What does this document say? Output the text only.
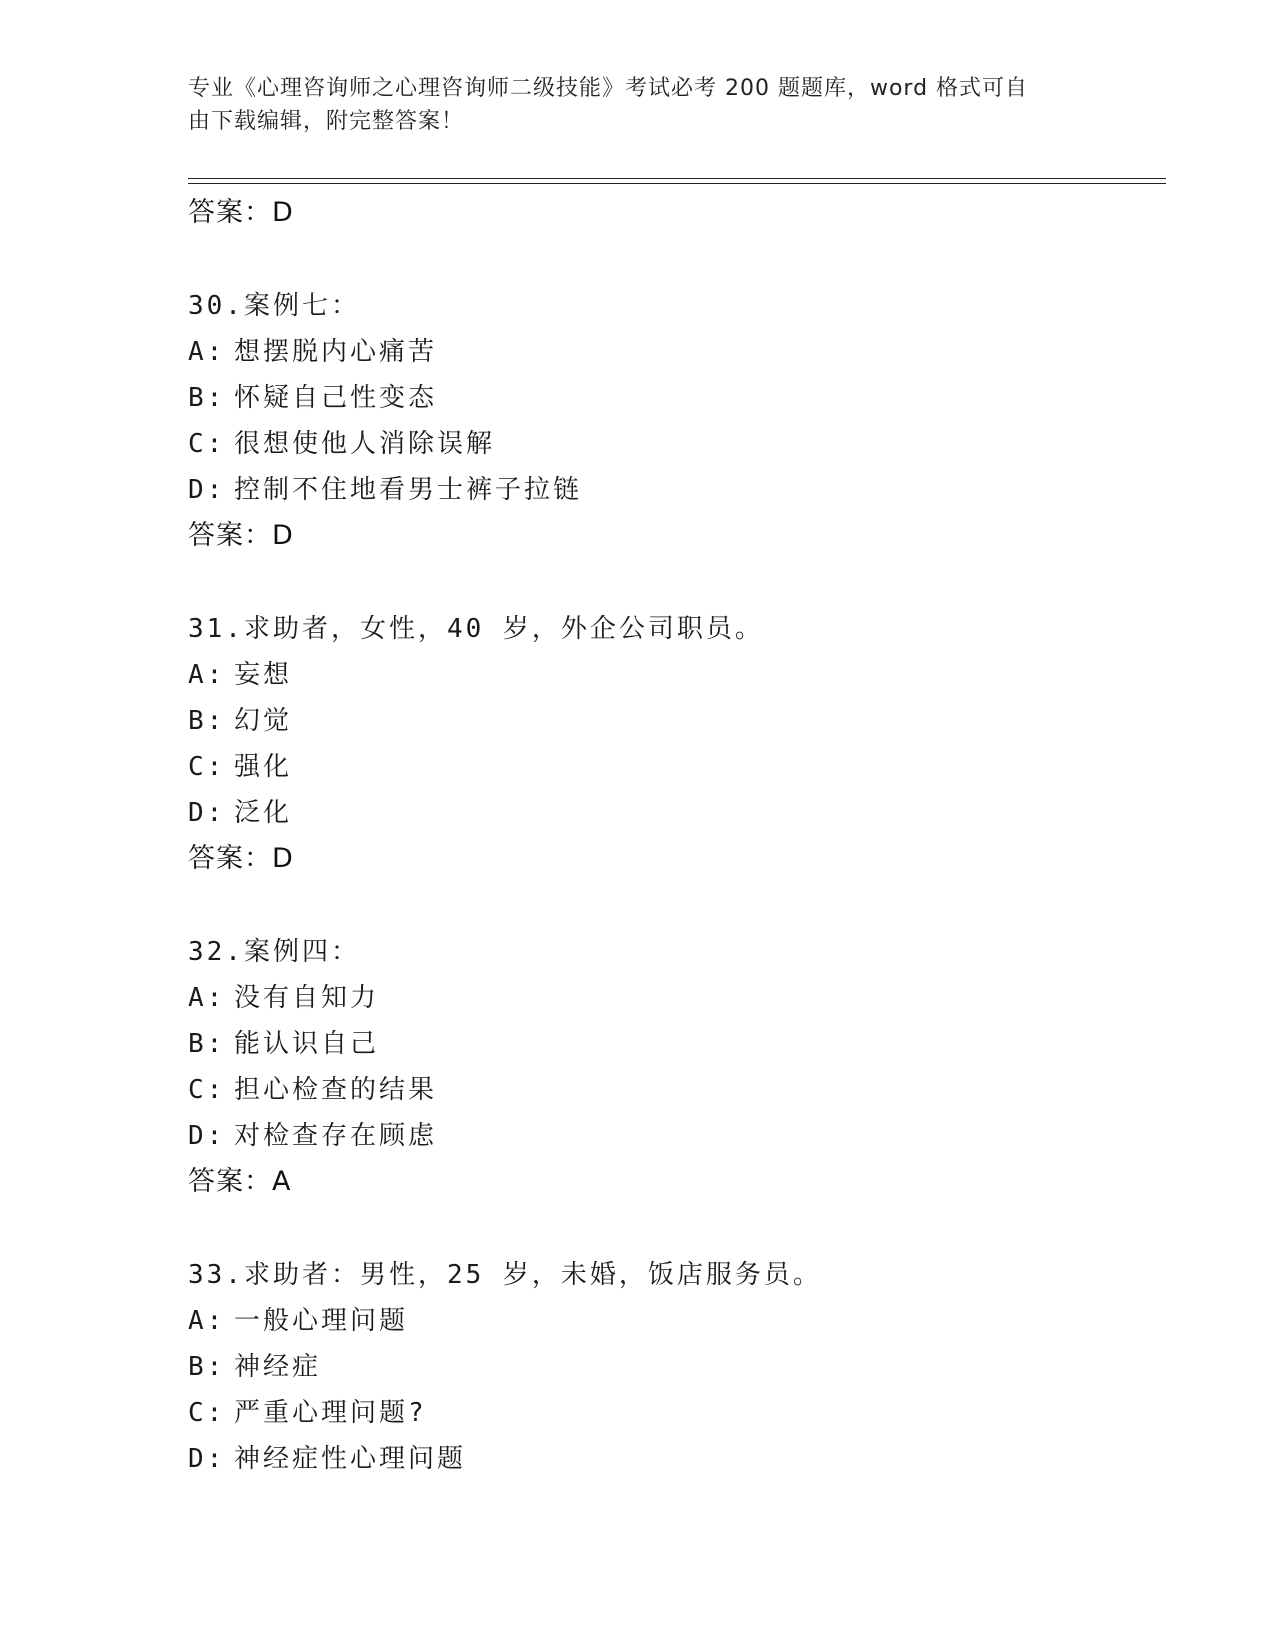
专业《心理咨询师之心理咨询师二级技能》考试必考 200 题题库，word 格式可自
由下载编辑，附完整答案！
答案：D
30.案例七：
A: 想摆脱内心痛苦
B: 怀疑自己性变态
C: 很想使他人消除误解
D: 控制不住地看男士裤子拉链
答案：D
31.求助者，女性，40 岁，外企公司职员。
A: 妄想
B: 幻觉
C: 强化
D: 泛化
答案：D
32.案例四：
A: 没有自知力
B: 能认识自己
C: 担心检查的结果
D: 对检查存在顾虑
答案：A
33.求助者：男性，25 岁，未婚，饭店服务员。
A: 一般心理问题
B: 神经症
C: 严重心理问题?
D: 神经症性心理问题
